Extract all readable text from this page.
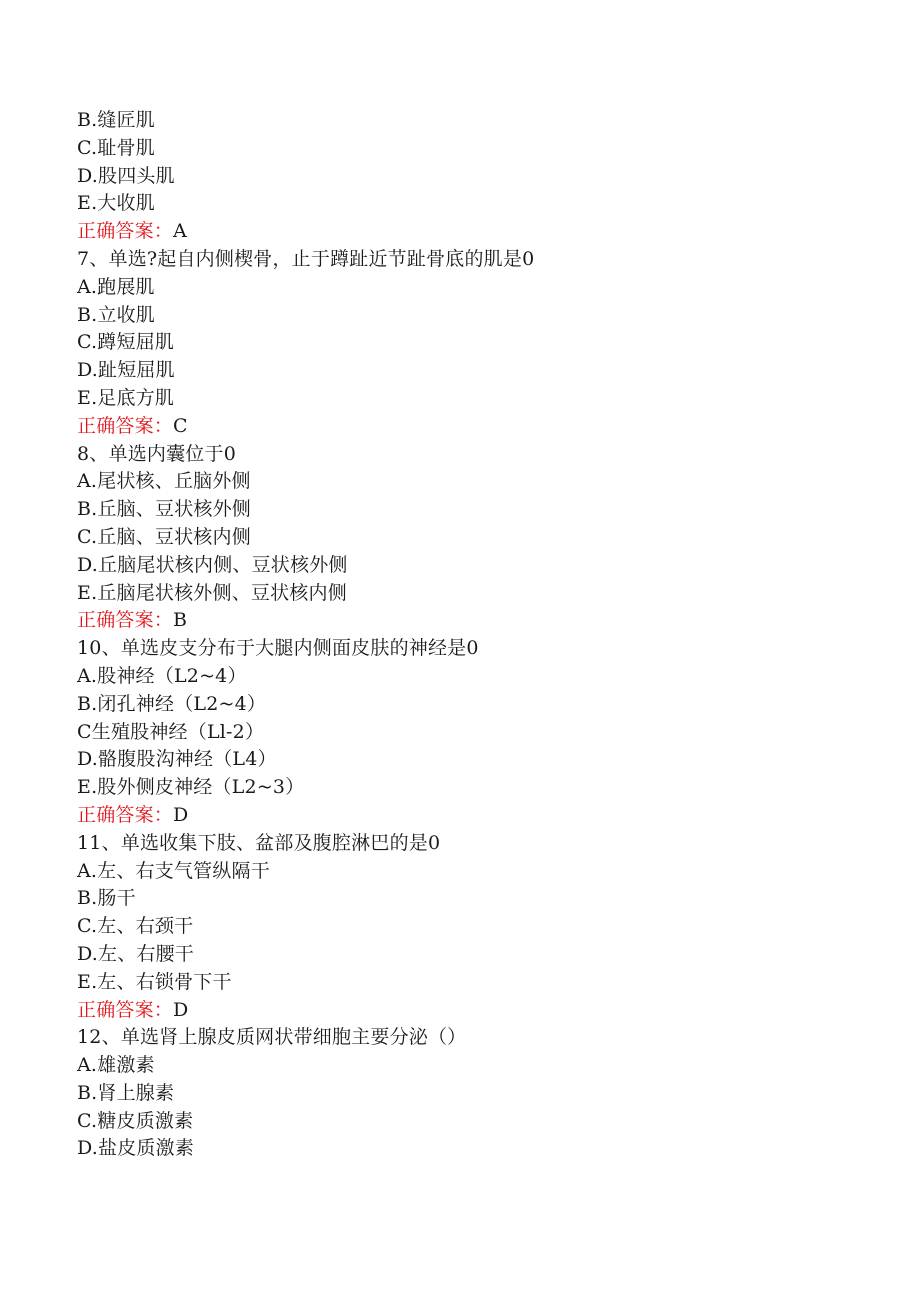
B.缝匠肌
C.耻骨肌
D.股四头肌
E.大收肌
正确答案：A
7、单选?起自内侧楔骨，止于蹲趾近节趾骨底的肌是0
A.跑展肌
B.立收肌
C.蹲短屈肌
D.趾短屈肌
E.足底方肌
正确答案：C
8、单选内囊位于0
A.尾状核、丘脑外侧
B.丘脑、豆状核外侧
C.丘脑、豆状核内侧
D.丘脑尾状核内侧、豆状核外侧
E.丘脑尾状核外侧、豆状核内侧
正确答案：B
10、单选皮支分布于大腿内侧面皮肤的神经是0
A.股神经（L2~4）
B.闭孔神经（L2~4）
C生殖股神经（Ll-2）
D.骼腹股沟神经（L4）
E.股外侧皮神经（L2~3）
正确答案：D
11、单选收集下肢、盆部及腹腔淋巴的是0
A.左、右支气管纵隔干
B.肠干
C.左、右颈干
D.左、右腰干
E.左、右锁骨下干
正确答案：D
12、单选肾上腺皮质网状带细胞主要分泌（）
A.雄激素
B.肾上腺素
C.糖皮质激素
D.盐皮质激素
